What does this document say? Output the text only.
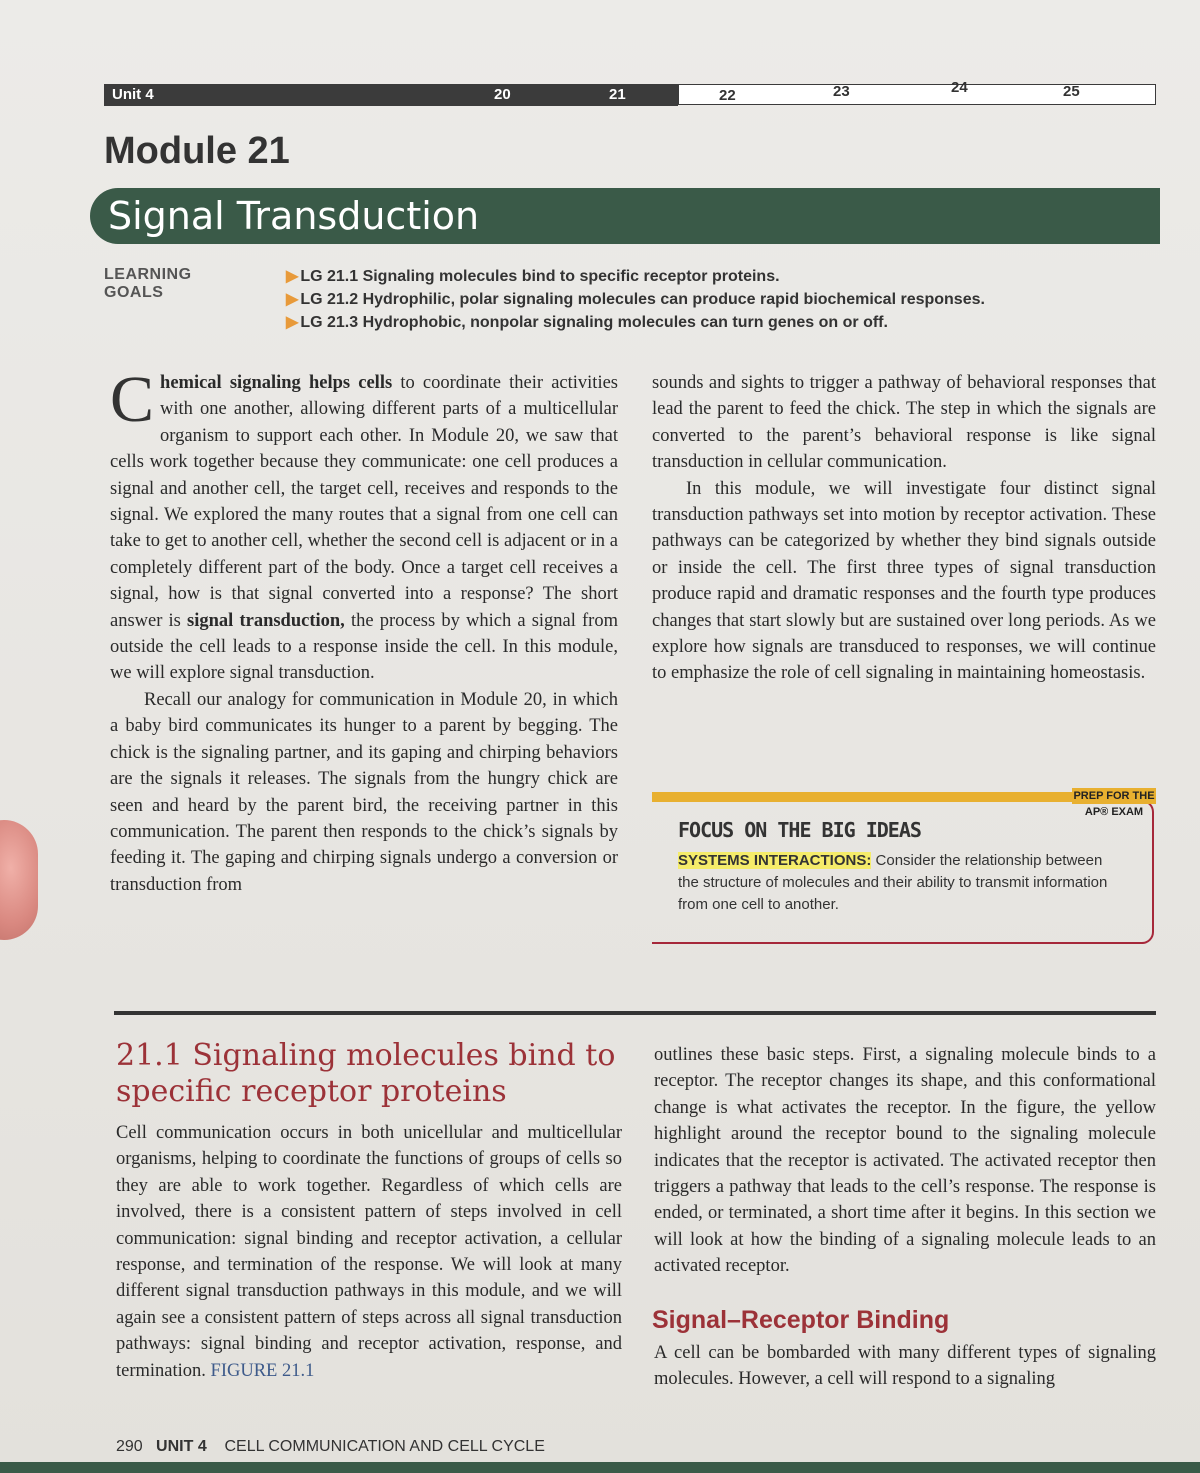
Unit 4	20	21	22	23	24	25
Module 21
Signal Transduction
LEARNING GOALS
▶ LG 21.1 Signaling molecules bind to specific receptor proteins.
▶ LG 21.2 Hydrophilic, polar signaling molecules can produce rapid biochemical responses.
▶ LG 21.3 Hydrophobic, nonpolar signaling molecules can turn genes on or off.

Chemical signaling helps cells to coordinate their activities with one another, allowing different parts of a multicellular organism to support each other. In Module 20, we saw that cells work together because they communicate: one cell produces a signal and another cell, the target cell, receives and responds to the signal. We explored the many routes that a signal from one cell can take to get to another cell, whether the second cell is adjacent or in a completely different part of the body. Once a target cell receives a signal, how is that signal converted into a response? The short answer is signal transduction, the process by which a signal from outside the cell leads to a response inside the cell. In this module, we will explore signal transduction.

Recall our analogy for communication in Module 20, in which a baby bird communicates its hunger to a parent by begging. The chick is the signaling partner, and its gaping and chirping behaviors are the signals it releases. The signals from the hungry chick are seen and heard by the parent bird, the receiving partner in this communication. The parent then responds to the chick’s signals by feeding it. The gaping and chirping signals undergo a conversion or transduction from

sounds and sights to trigger a pathway of behavioral responses that lead the parent to feed the chick. The step in which the signals are converted to the parent’s behavioral response is like signal transduction in cellular communication.

In this module, we will investigate four distinct signal transduction pathways set into motion by receptor activation. These pathways can be categorized by whether they bind signals outside or inside the cell. The first three types of signal transduction produce rapid and dramatic responses and the fourth type produces changes that start slowly but are sustained over long periods. As we explore how signals are transduced to responses, we will continue to emphasize the role of cell signaling in maintaining homeostasis.

PREP FOR THE AP® EXAM
FOCUS ON THE BIG IDEAS
SYSTEMS INTERACTIONS: Consider the relationship between the structure of molecules and their ability to transmit information from one cell to another.
21.1 Signaling molecules bind to specific receptor proteins

Cell communication occurs in both unicellular and multicellular organisms, helping to coordinate the functions of groups of cells so they are able to work together. Regardless of which cells are involved, there is a consistent pattern of steps involved in cell communication: signal binding and receptor activation, a cellular response, and termination of the response. We will look at many different signal transduction pathways in this module, and we will again see a consistent pattern of steps across all signal transduction pathways: signal binding and receptor activation, response, and termination. FIGURE 21.1

outlines these basic steps. First, a signaling molecule binds to a receptor. The receptor changes its shape, and this conformational change is what activates the receptor. In the figure, the yellow highlight around the receptor bound to the signaling molecule indicates that the receptor is activated. The activated receptor then triggers a pathway that leads to the cell’s response. The response is ended, or terminated, a short time after it begins. In this section we will look at how the binding of a signaling molecule leads to an activated receptor.

Signal–Receptor Binding

A cell can be bombarded with many different types of signaling molecules. However, a cell will respond to a signaling

290 UNIT 4 CELL COMMUNICATION AND CELL CYCLE
